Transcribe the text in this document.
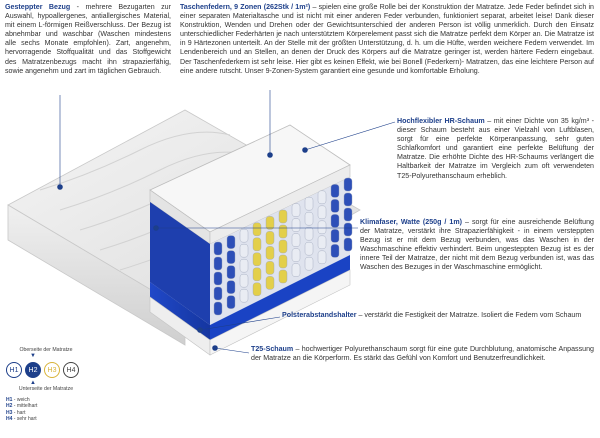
Gesteppter Bezug - mehrere Bezugarten zur Auswahl, hypoallergenes, antiallergisches Material, mit einem L-förmigen Reißverschluss. Der Bezug ist abnehmbar und waschbar (Waschen mindestens alle sechs Monate empfohlen). Zart, angenehm, hervorragende Stoffqualität und das Stoffgewicht des Matratzenbezugs macht ihn strapazierfähig, sowie angenehm und zart im täglichen Gebrauch.
Taschenfedern, 9 Zonen (262Stk / 1m²) – spielen eine große Rolle bei der Konstruktion der Matratze. Jede Feder befindet sich in einer separaten Materialtasche und ist nicht mit einer anderen Feder verbunden, funktioniert separat, arbeitet leise! Dank dieser Konstruktion, Wenden und Drehen oder der Gewichtsunterschied der anderen Person ist völlig unmerklich. Durch den Einsatz unterschiedlicher Federhärten je nach unterstütztem Körperelement passt sich die Matratze perfekt dem Körper an. Die Matratze ist in 9 Härtezonen unterteilt. An der Stelle mit der größten Unterstützung, d. h. um die Hüfte, werden weichere Federn verwendet. Im Lendenbereich und an Stellen, an denen der Druck des Körpers auf die Matratze geringer ist, werden härtere Federn eingebaut. Der Taschenfederkern ist sehr leise. Hier gibt es keinen Effekt, wie bei Bonell (Federkern)- Matratzen, das eine leichtere Person auf eine andere rutscht. Unser 9-Zonen-System garantiert eine gesunde und komfortable Erholung.
Hochflexibler HR-Schaum – mit einer Dichte von 35 kg/m³ - dieser Schaum besteht aus einer Vielzahl von Luftblasen, sorgt für eine perfekte Körperanpassung, sehr guten Schlafkomfort und garantiert eine perfekte Belüftung der Matratze. Die erhöhte Dichte des HR-Schaums verlängert die Haltbarkeit der Matratze im Vergleich zum oft verwendeten T25-Polyurethanschaum erheblich.
Klimafaser, Watte (250g / 1m) – sorgt für eine ausreichende Belüftung der Matratze, verstärkt ihre Strapazierfähigkeit - in einem versteppten Bezug ist er mit dem Bezug verbunden, was das Waschen in der Waschmaschine effektiv verhindert. Beim ungesteppten Bezug ist es der innere Teil der Matratze, der nicht mit dem Bezug verbunden ist, was das Waschen des Bezuges in der Waschmaschine ermöglicht.
Polsterabstandshalter – verstärkt die Festigkeit der Matratze. Isoliert die Federn vom Schaum
T25-Schaum – hochwertiger Polyurethanschaum sorgt für eine gute Durchblutung, anatomische Anpassung der Matratze an die Körperform. Es stärkt das Gefühl von Komfort und Benutzerfreundlichkeit.
Oberseite der Matratze
▼
H1	H2	H3	H4
▲
Unterseite der Matratze
H1 - weich
H2 - mittelhart
H3 - hart
H4 - sehr hart
